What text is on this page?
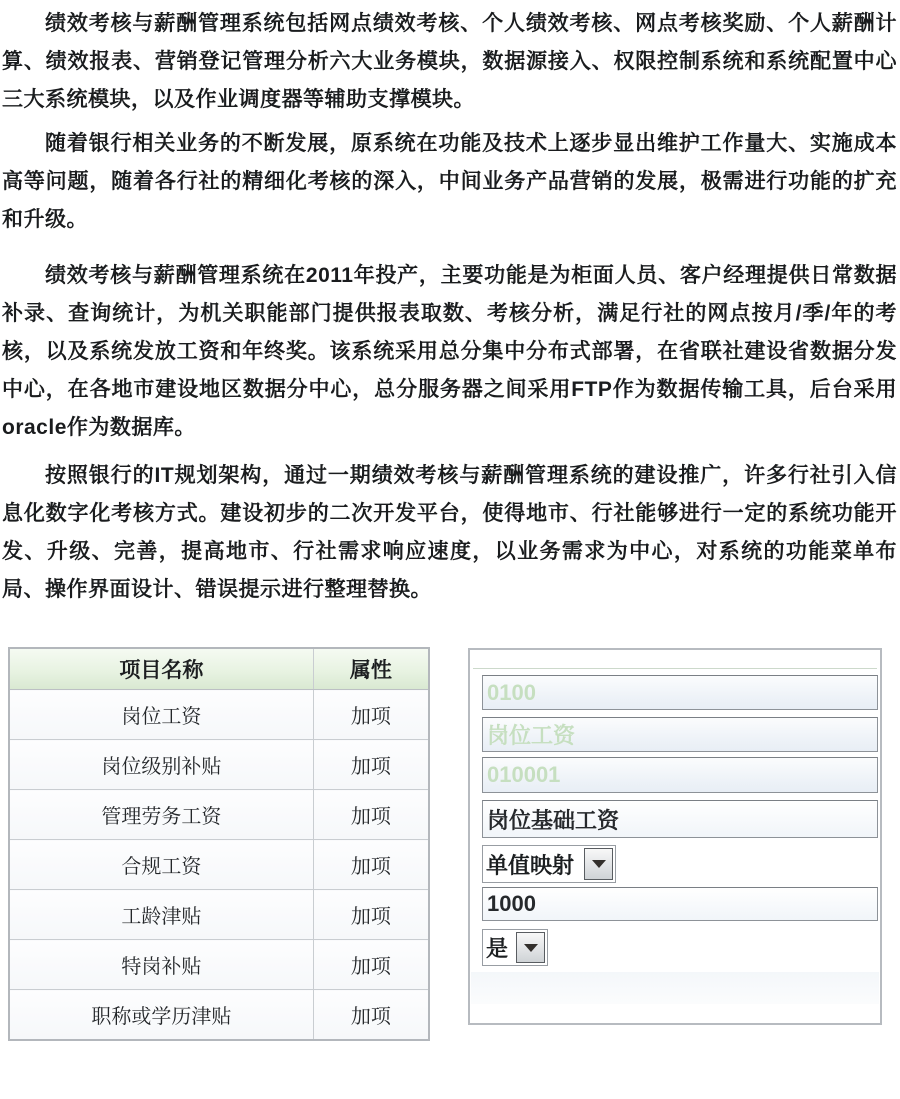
绩效考核与薪酬管理系统包括网点绩效考核、个人绩效考核、网点考核奖励、个人薪酬计算、绩效报表、营销登记管理分析六大业务模块，数据源接入、权限控制系统和系统配置中心三大系统模块，以及作业调度器等辅助支撑模块。

随着银行相关业务的不断发展，原系统在功能及技术上逐步显出维护工作量大、实施成本高等问题，随着各行社的精细化考核的深入，中间业务产品营销的发展，极需进行功能的扩充和升级。

绩效考核与薪酬管理系统在2011年投产，主要功能是为柜面人员、客户经理提供日常数据补录、查询统计，为机关职能部门提供报表取数、考核分析，满足行社的网点按月/季/年的考核，以及系统发放工资和年终奖。该系统采用总分集中分布式部署，在省联社建设省数据分发中心，在各地市建设地区数据分中心，总分服务器之间采用FTP作为数据传输工具，后台采用oracle作为数据库。

按照银行的IT规划架构，通过一期绩效考核与薪酬管理系统的建设推广，许多行社引入信息化数字化考核方式。建设初步的二次开发平台，使得地市、行社能够进行一定的系统功能开发、升级、完善，提高地市、行社需求响应速度，以业务需求为中心，对系统的功能菜单布局、操作界面设计、错误提示进行整理替换。

项目名称	属性
岗位工资	加项
岗位级别补贴	加项
管理劳务工资	加项
合规工资	加项
工龄津贴	加项
特岗补贴	加项
职称或学历津贴	加项
0100
岗位工资
010001
岗位基础工资
单值映射
1000
是
